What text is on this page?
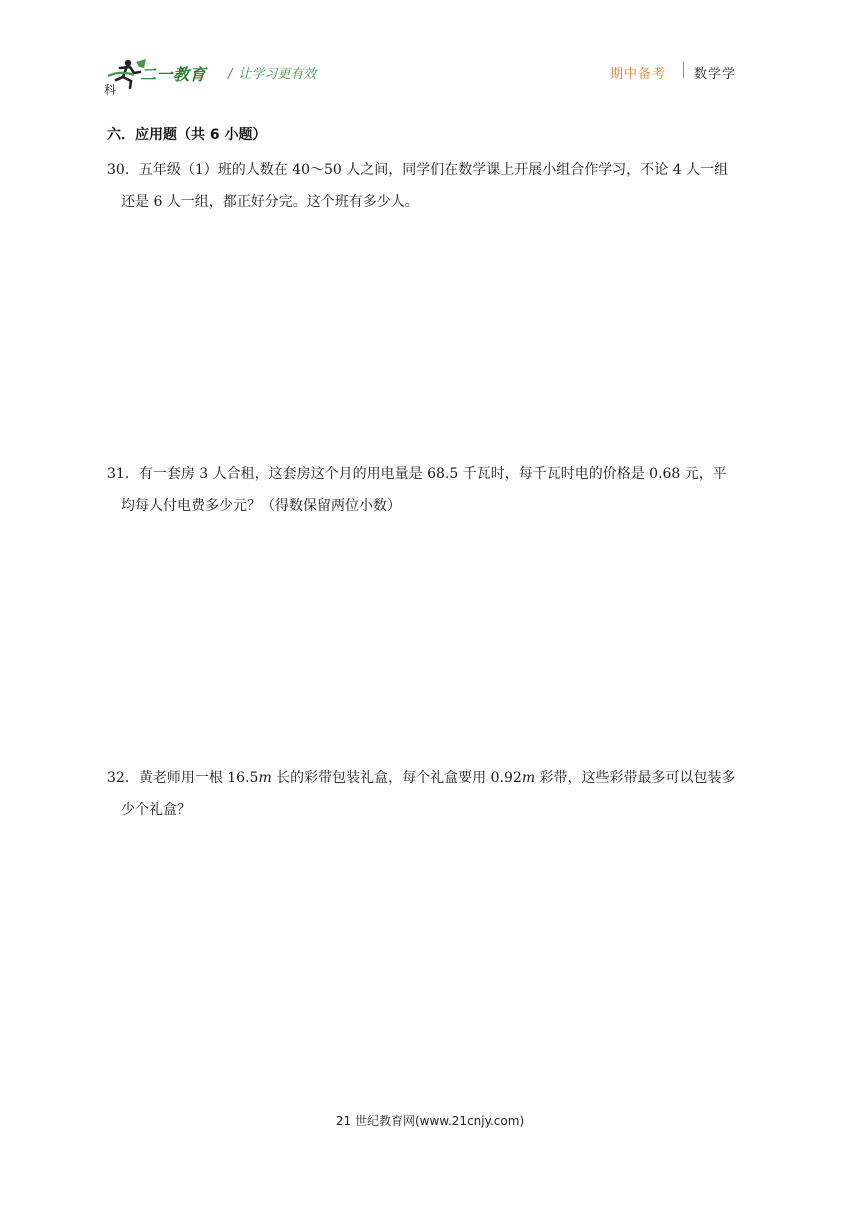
二一教育
科
/ 让学习更有效	期中备考 数学学
六．应用题（共 6 小题）
30．五年级（1）班的人数在 40～50 人之间，同学们在数学课上开展小组合作学习，不论 4 人一组
还是 6 人一组，都正好分完。这个班有多少人。
31．有一套房 3 人合租，这套房这个月的用电量是 68.5 千瓦时，每千瓦时电的价格是 0.68 元，平
均每人付电费多少元？（得数保留两位小数）
32．黄老师用一根 16.5m 长的彩带包装礼盒，每个礼盒要用 0.92m 彩带，这些彩带最多可以包装多
少个礼盒？
21 世纪教育网(www.21cnjy.com)
